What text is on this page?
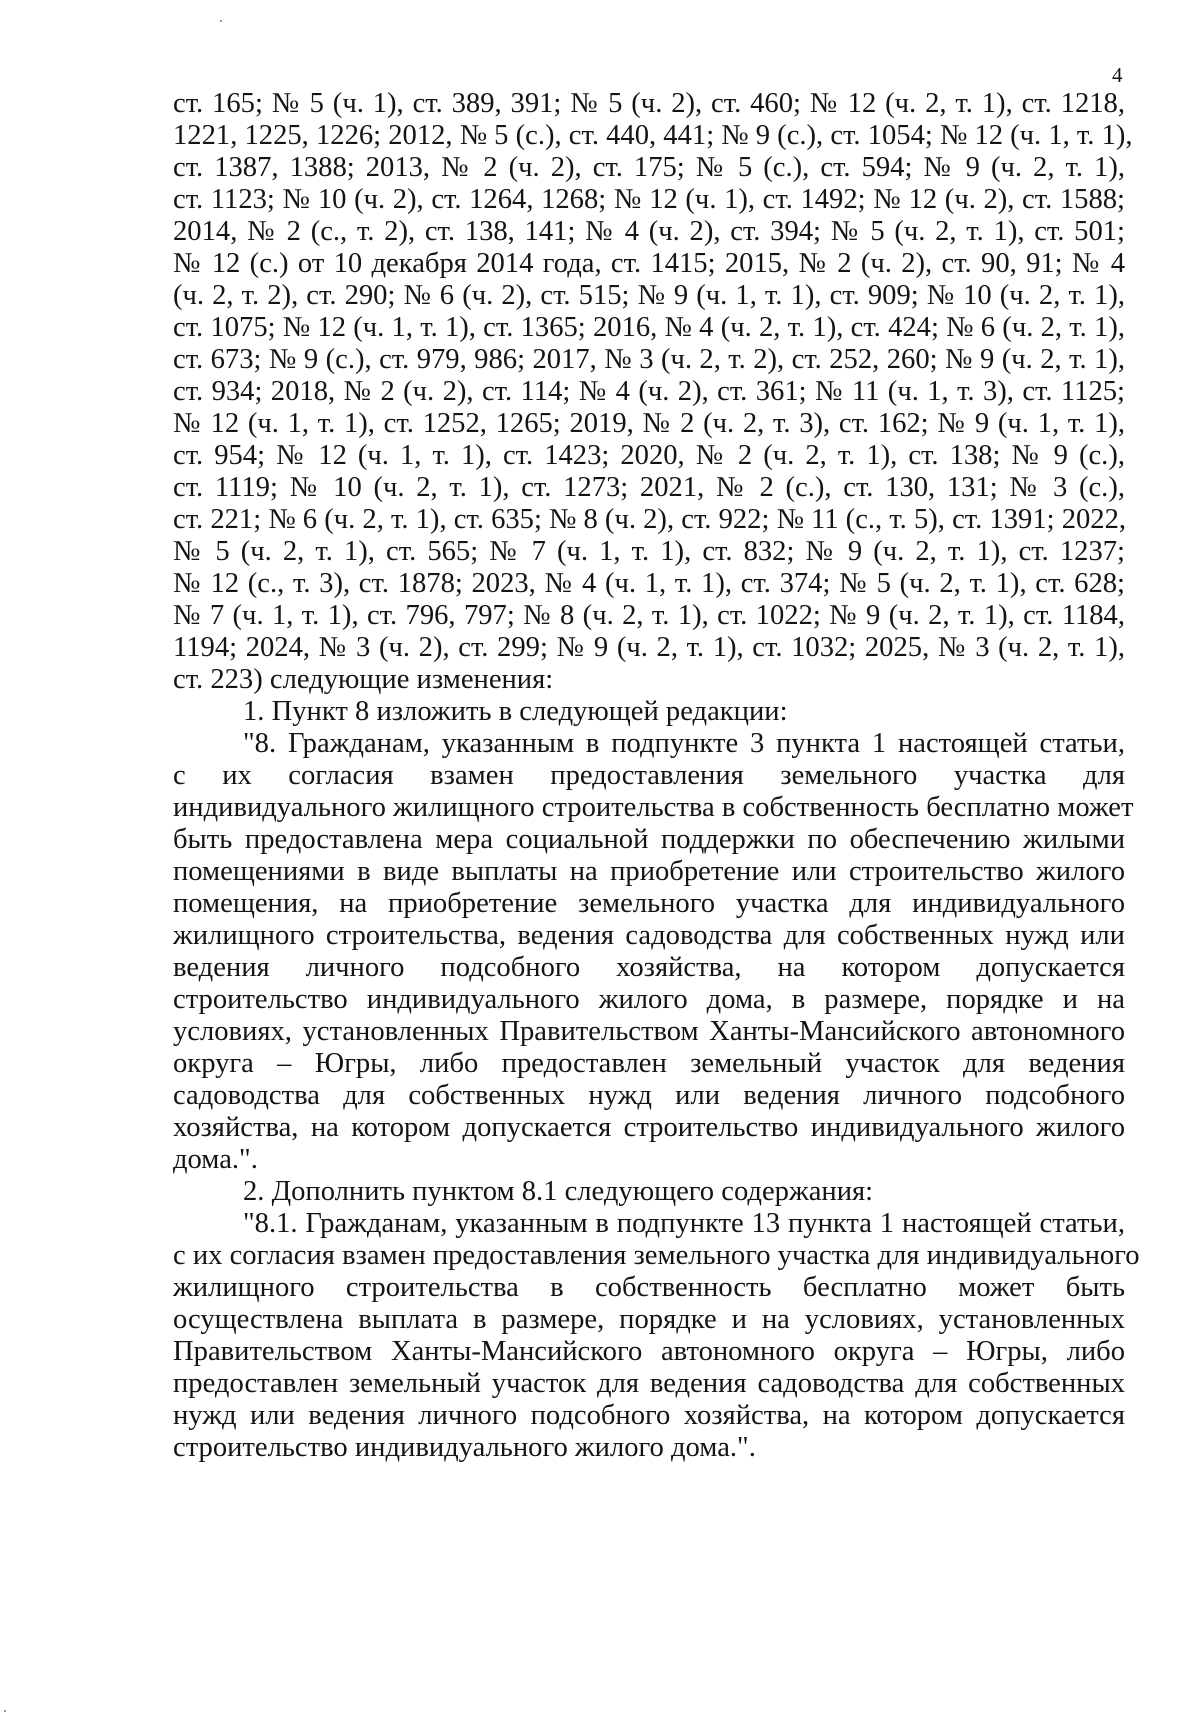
4
ст. 165; № 5 (ч. 1), ст. 389, 391; № 5 (ч. 2), ст. 460; № 12 (ч. 2, т. 1), ст. 1218,
1221, 1225, 1226; 2012, № 5 (с.), ст. 440, 441; № 9 (с.), ст. 1054; № 12 (ч. 1, т. 1),
ст. 1387, 1388; 2013, № 2 (ч. 2), ст. 175; № 5 (с.), ст. 594; № 9 (ч. 2, т. 1),
ст. 1123; № 10 (ч. 2), ст. 1264, 1268; № 12 (ч. 1), ст. 1492; № 12 (ч. 2), ст. 1588;
2014, № 2 (с., т. 2), ст. 138, 141; № 4 (ч. 2), ст. 394; № 5 (ч. 2, т. 1), ст. 501;
№ 12 (с.) от 10 декабря 2014 года, ст. 1415; 2015, № 2 (ч. 2), ст. 90, 91; № 4
(ч. 2, т. 2), ст. 290; № 6 (ч. 2), ст. 515; № 9 (ч. 1, т. 1), ст. 909; № 10 (ч. 2, т. 1),
ст. 1075; № 12 (ч. 1, т. 1), ст. 1365; 2016, № 4 (ч. 2, т. 1), ст. 424; № 6 (ч. 2, т. 1),
ст. 673; № 9 (с.), ст. 979, 986; 2017, № 3 (ч. 2, т. 2), ст. 252, 260; № 9 (ч. 2, т. 1),
ст. 934; 2018, № 2 (ч. 2), ст. 114; № 4 (ч. 2), ст. 361; № 11 (ч. 1, т. 3), ст. 1125;
№ 12 (ч. 1, т. 1), ст. 1252, 1265; 2019, № 2 (ч. 2, т. 3), ст. 162; № 9 (ч. 1, т. 1),
ст. 954; № 12 (ч. 1, т. 1), ст. 1423; 2020, № 2 (ч. 2, т. 1), ст. 138; № 9 (с.),
ст. 1119; № 10 (ч. 2, т. 1), ст. 1273; 2021, № 2 (с.), ст. 130, 131; № 3 (с.),
ст. 221; № 6 (ч. 2, т. 1), ст. 635; № 8 (ч. 2), ст. 922; № 11 (с., т. 5), ст. 1391; 2022,
№ 5 (ч. 2, т. 1), ст. 565; № 7 (ч. 1, т. 1), ст. 832; № 9 (ч. 2, т. 1), ст. 1237;
№ 12 (с., т. 3), ст. 1878; 2023, № 4 (ч. 1, т. 1), ст. 374; № 5 (ч. 2, т. 1), ст. 628;
№ 7 (ч. 1, т. 1), ст. 796, 797; № 8 (ч. 2, т. 1), ст. 1022; № 9 (ч. 2, т. 1), ст. 1184,
1194; 2024, № 3 (ч. 2), ст. 299; № 9 (ч. 2, т. 1), ст. 1032; 2025, № 3 (ч. 2, т. 1),
ст. 223) следующие изменения:
1. Пункт 8 изложить в следующей редакции:
"8. Гражданам, указанным в подпункте 3 пункта 1 настоящей статьи,
с их согласия взамен предоставления земельного участка для
индивидуального жилищного строительства в собственность бесплатно может
быть предоставлена мера социальной поддержки по обеспечению жилыми
помещениями в виде выплаты на приобретение или строительство жилого
помещения, на приобретение земельного участка для индивидуального
жилищного строительства, ведения садоводства для собственных нужд или
ведения личного подсобного хозяйства, на котором допускается
строительство индивидуального жилого дома, в размере, порядке и на
условиях, установленных Правительством Ханты-Мансийского автономного
округа – Югры, либо предоставлен земельный участок для ведения
садоводства для собственных нужд или ведения личного подсобного
хозяйства, на котором допускается строительство индивидуального жилого
дома.".
2. Дополнить пунктом 8.1 следующего содержания:
"8.1. Гражданам, указанным в подпункте 13 пункта 1 настоящей статьи,
с их согласия взамен предоставления земельного участка для индивидуального
жилищного строительства в собственность бесплатно может быть
осуществлена выплата в размере, порядке и на условиях, установленных
Правительством Ханты-Мансийского автономного округа – Югры, либо
предоставлен земельный участок для ведения садоводства для собственных
нужд или ведения личного подсобного хозяйства, на котором допускается
строительство индивидуального жилого дома.".
